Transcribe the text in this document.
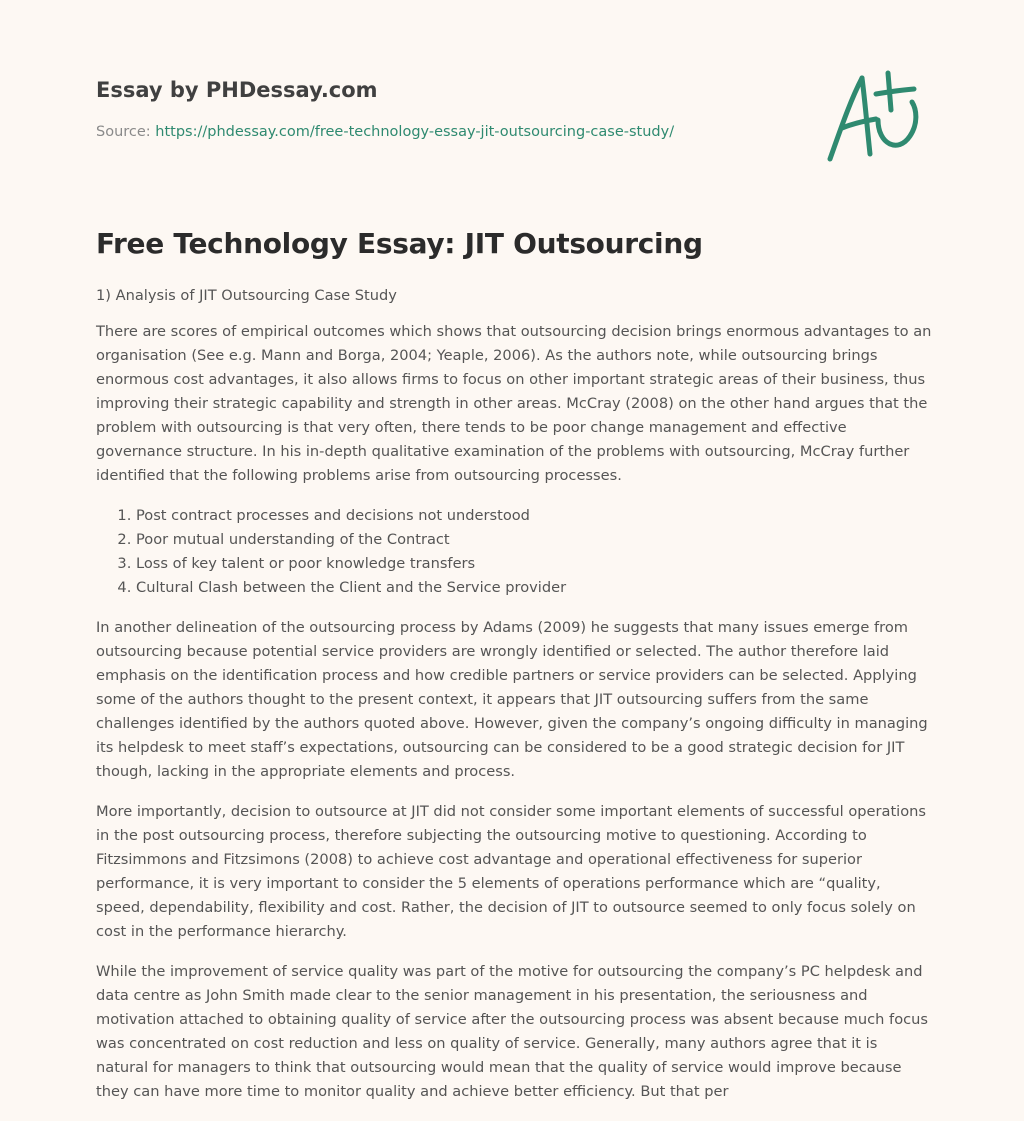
Essay by PHDessay.com
Source: https://phdessay.com/free-technology-essay-jit-outsourcing-case-study/
Free Technology Essay: JIT Outsourcing
1) Analysis of JIT Outsourcing Case Study

There are scores of empirical outcomes which shows that outsourcing decision brings enormous advantages to an organisation (See e.g. Mann and Borga, 2004; Yeaple, 2006). As the authors note, while outsourcing brings enormous cost advantages, it also allows firms to focus on other important strategic areas of their business, thus improving their strategic capability and strength in other areas. McCray (2008) on the other hand argues that the problem with outsourcing is that very often, there tends to be poor change management and effective governance structure. In his in-depth qualitative examination of the problems with outsourcing, McCray further identified that the following problems arise from outsourcing processes.

1. Post contract processes and decisions not understood
2. Poor mutual understanding of the Contract
3. Loss of key talent or poor knowledge transfers
4. Cultural Clash between the Client and the Service provider

In another delineation of the outsourcing process by Adams (2009) he suggests that many issues emerge from outsourcing because potential service providers are wrongly identified or selected. The author therefore laid emphasis on the identification process and how credible partners or service providers can be selected. Applying some of the authors thought to the present context, it appears that JIT outsourcing suffers from the same challenges identified by the authors quoted above. However, given the company’s ongoing difficulty in managing its helpdesk to meet staff’s expectations, outsourcing can be considered to be a good strategic decision for JIT though, lacking in the appropriate elements and process.

More importantly, decision to outsource at JIT did not consider some important elements of successful operations in the post outsourcing process, therefore subjecting the outsourcing motive to questioning. According to Fitzsimmons and Fitzsimons (2008) to achieve cost advantage and operational effectiveness for superior performance, it is very important to consider the 5 elements of operations performance which are “quality, speed, dependability, flexibility and cost. Rather, the decision of JIT to outsource seemed to only focus solely on cost in the performance hierarchy.

While the improvement of service quality was part of the motive for outsourcing the company’s PC helpdesk and data centre as John Smith made clear to the senior management in his presentation, the seriousness and motivation attached to obtaining quality of service after the outsourcing process was absent because much focus was concentrated on cost reduction and less on quality of service. Generally, many authors agree that it is natural for managers to think that outsourcing would mean that the quality of service would improve because they can have more time to monitor quality and achieve better efficiency. But that per
